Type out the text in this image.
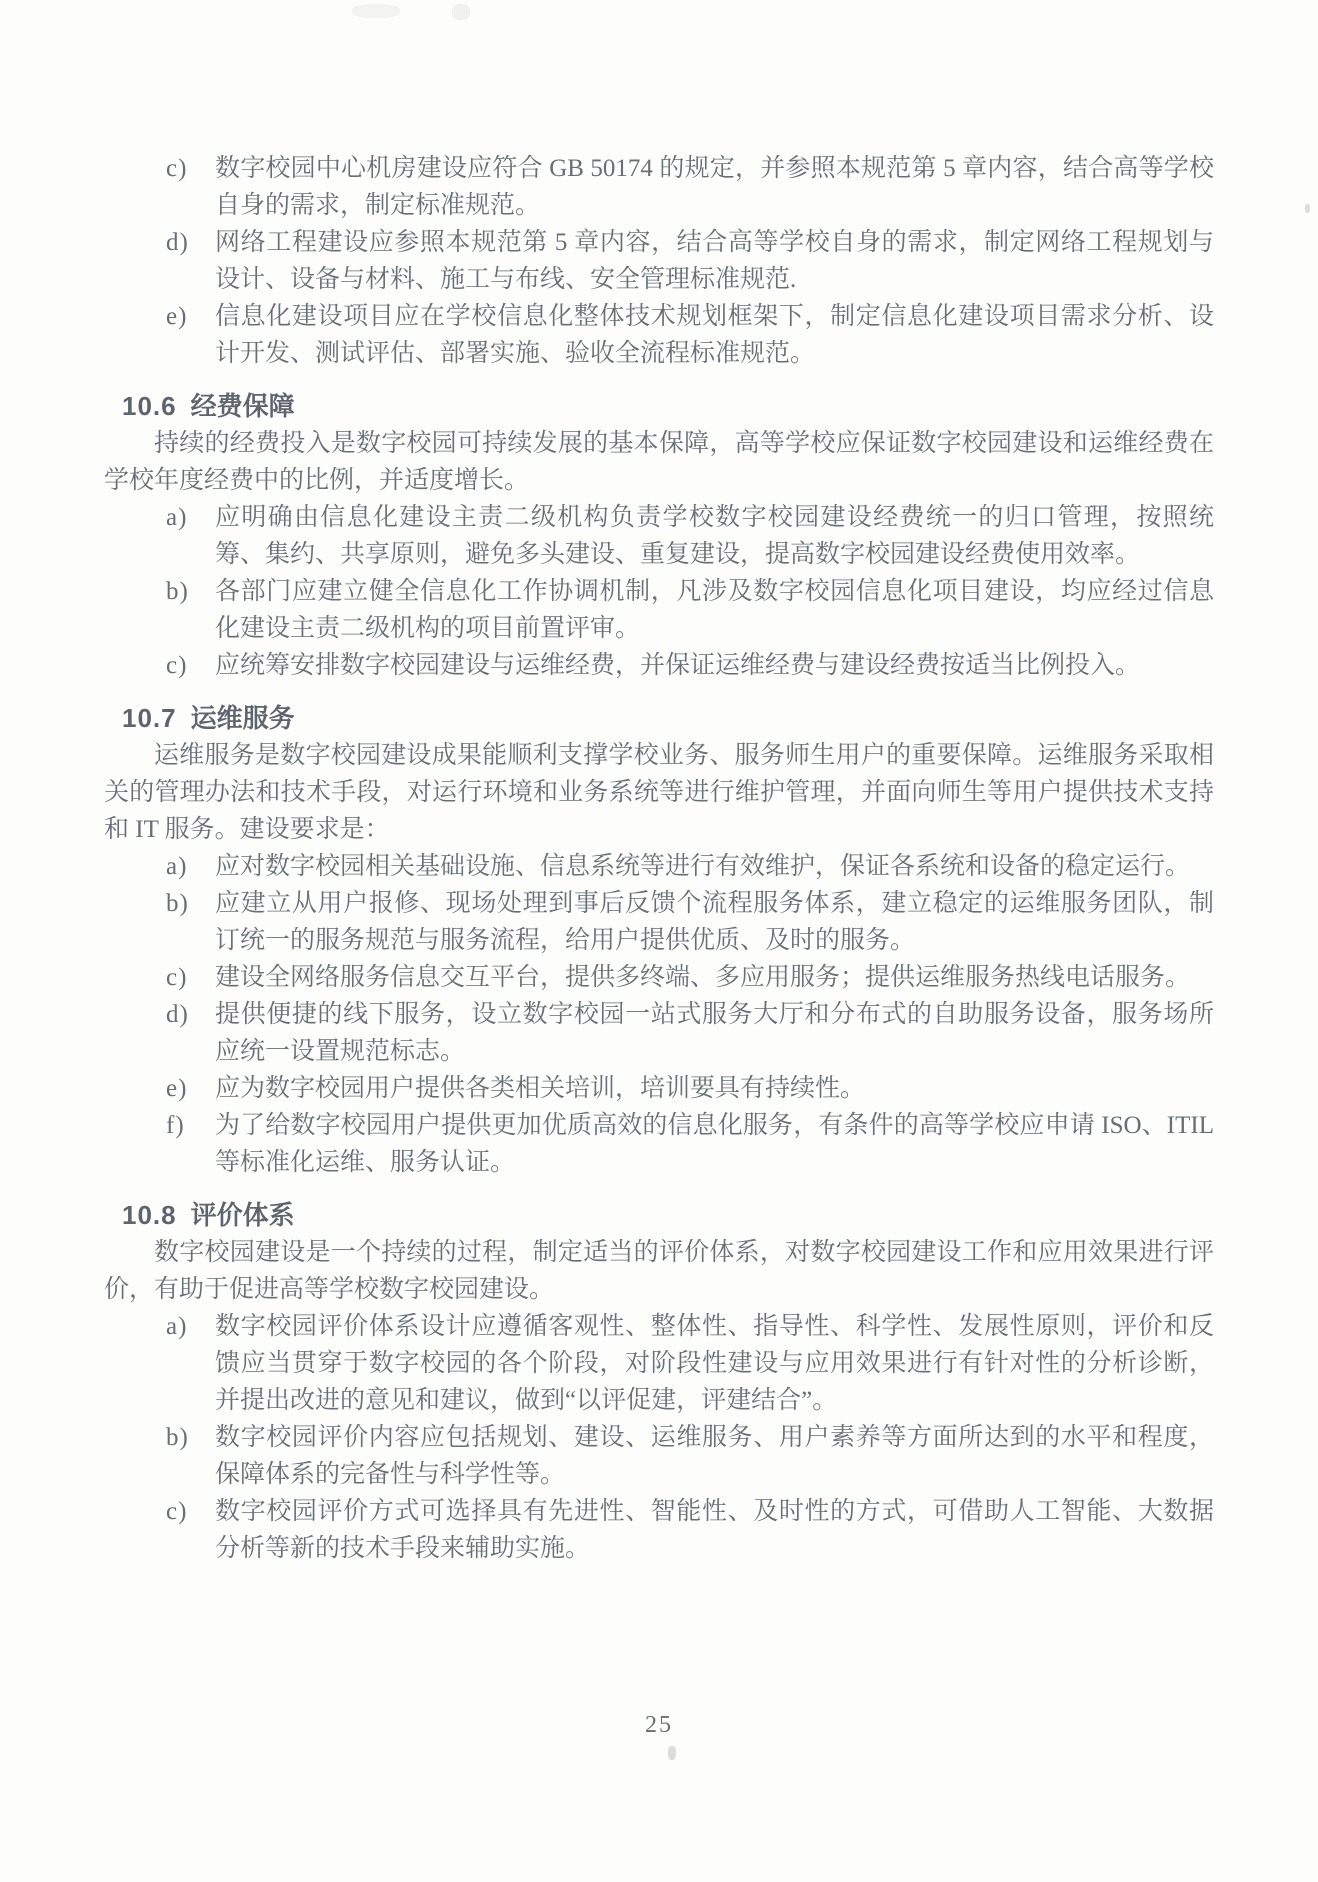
c) 数字校园中心机房建设应符合 GB 50174 的规定，并参照本规范第 5 章内容，结合高等学校自身的需求，制定标准规范。
d) 网络工程建设应参照本规范第 5 章内容，结合高等学校自身的需求，制定网络工程规划与设计、设备与材料、施工与布线、安全管理标准规范.
e) 信息化建设项目应在学校信息化整体技术规划框架下，制定信息化建设项目需求分析、设计开发、测试评估、部署实施、验收全流程标准规范。
10.6 经费保障

持续的经费投入是数字校园可持续发展的基本保障，高等学校应保证数字校园建设和运维经费在学校年度经费中的比例，并适度增长。

a) 应明确由信息化建设主责二级机构负责学校数字校园建设经费统一的归口管理，按照统筹、集约、共享原则，避免多头建设、重复建设，提高数字校园建设经费使用效率。
b) 各部门应建立健全信息化工作协调机制，凡涉及数字校园信息化项目建设，均应经过信息化建设主责二级机构的项目前置评审。
c) 应统筹安排数字校园建设与运维经费，并保证运维经费与建设经费按适当比例投入。
10.7 运维服务

运维服务是数字校园建设成果能顺利支撑学校业务、服务师生用户的重要保障。运维服务采取相关的管理办法和技术手段，对运行环境和业务系统等进行维护管理，并面向师生等用户提供技术支持和 IT 服务。建设要求是：

a) 应对数字校园相关基础设施、信息系统等进行有效维护，保证各系统和设备的稳定运行。
b) 应建立从用户报修、现场处理到事后反馈个流程服务体系，建立稳定的运维服务团队，制订统一的服务规范与服务流程，给用户提供优质、及时的服务。
c) 建设全网络服务信息交互平台，提供多终端、多应用服务；提供运维服务热线电话服务。
d) 提供便捷的线下服务，设立数字校园一站式服务大厅和分布式的自助服务设备，服务场所应统一设置规范标志。
e) 应为数字校园用户提供各类相关培训，培训要具有持续性。
f) 为了给数字校园用户提供更加优质高效的信息化服务，有条件的高等学校应申请 ISO、ITIL 等标准化运维、服务认证。
10.8 评价体系

数字校园建设是一个持续的过程，制定适当的评价体系，对数字校园建设工作和应用效果进行评价，有助于促进高等学校数字校园建设。

a) 数字校园评价体系设计应遵循客观性、整体性、指导性、科学性、发展性原则，评价和反馈应当贯穿于数字校园的各个阶段，对阶段性建设与应用效果进行有针对性的分析诊断，并提出改进的意见和建议，做到“以评促建，评建结合”。
b) 数字校园评价内容应包括规划、建设、运维服务、用户素养等方面所达到的水平和程度，保障体系的完备性与科学性等。
c) 数字校园评价方式可选择具有先进性、智能性、及时性的方式，可借助人工智能、大数据分析等新的技术手段来辅助实施。
25
